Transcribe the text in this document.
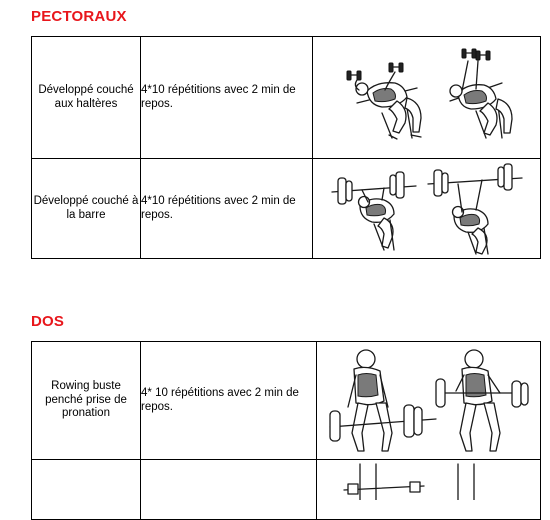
PECTORAUX
Développé couché aux haltères	4*10 répétitions avec 2 min de repos.	

Développé couché à la barre	4*10 répétitions avec 2 min de repos.	
DOS
Rowing buste penché prise de pronation	4* 10 répétitions avec 2 min de repos.	
